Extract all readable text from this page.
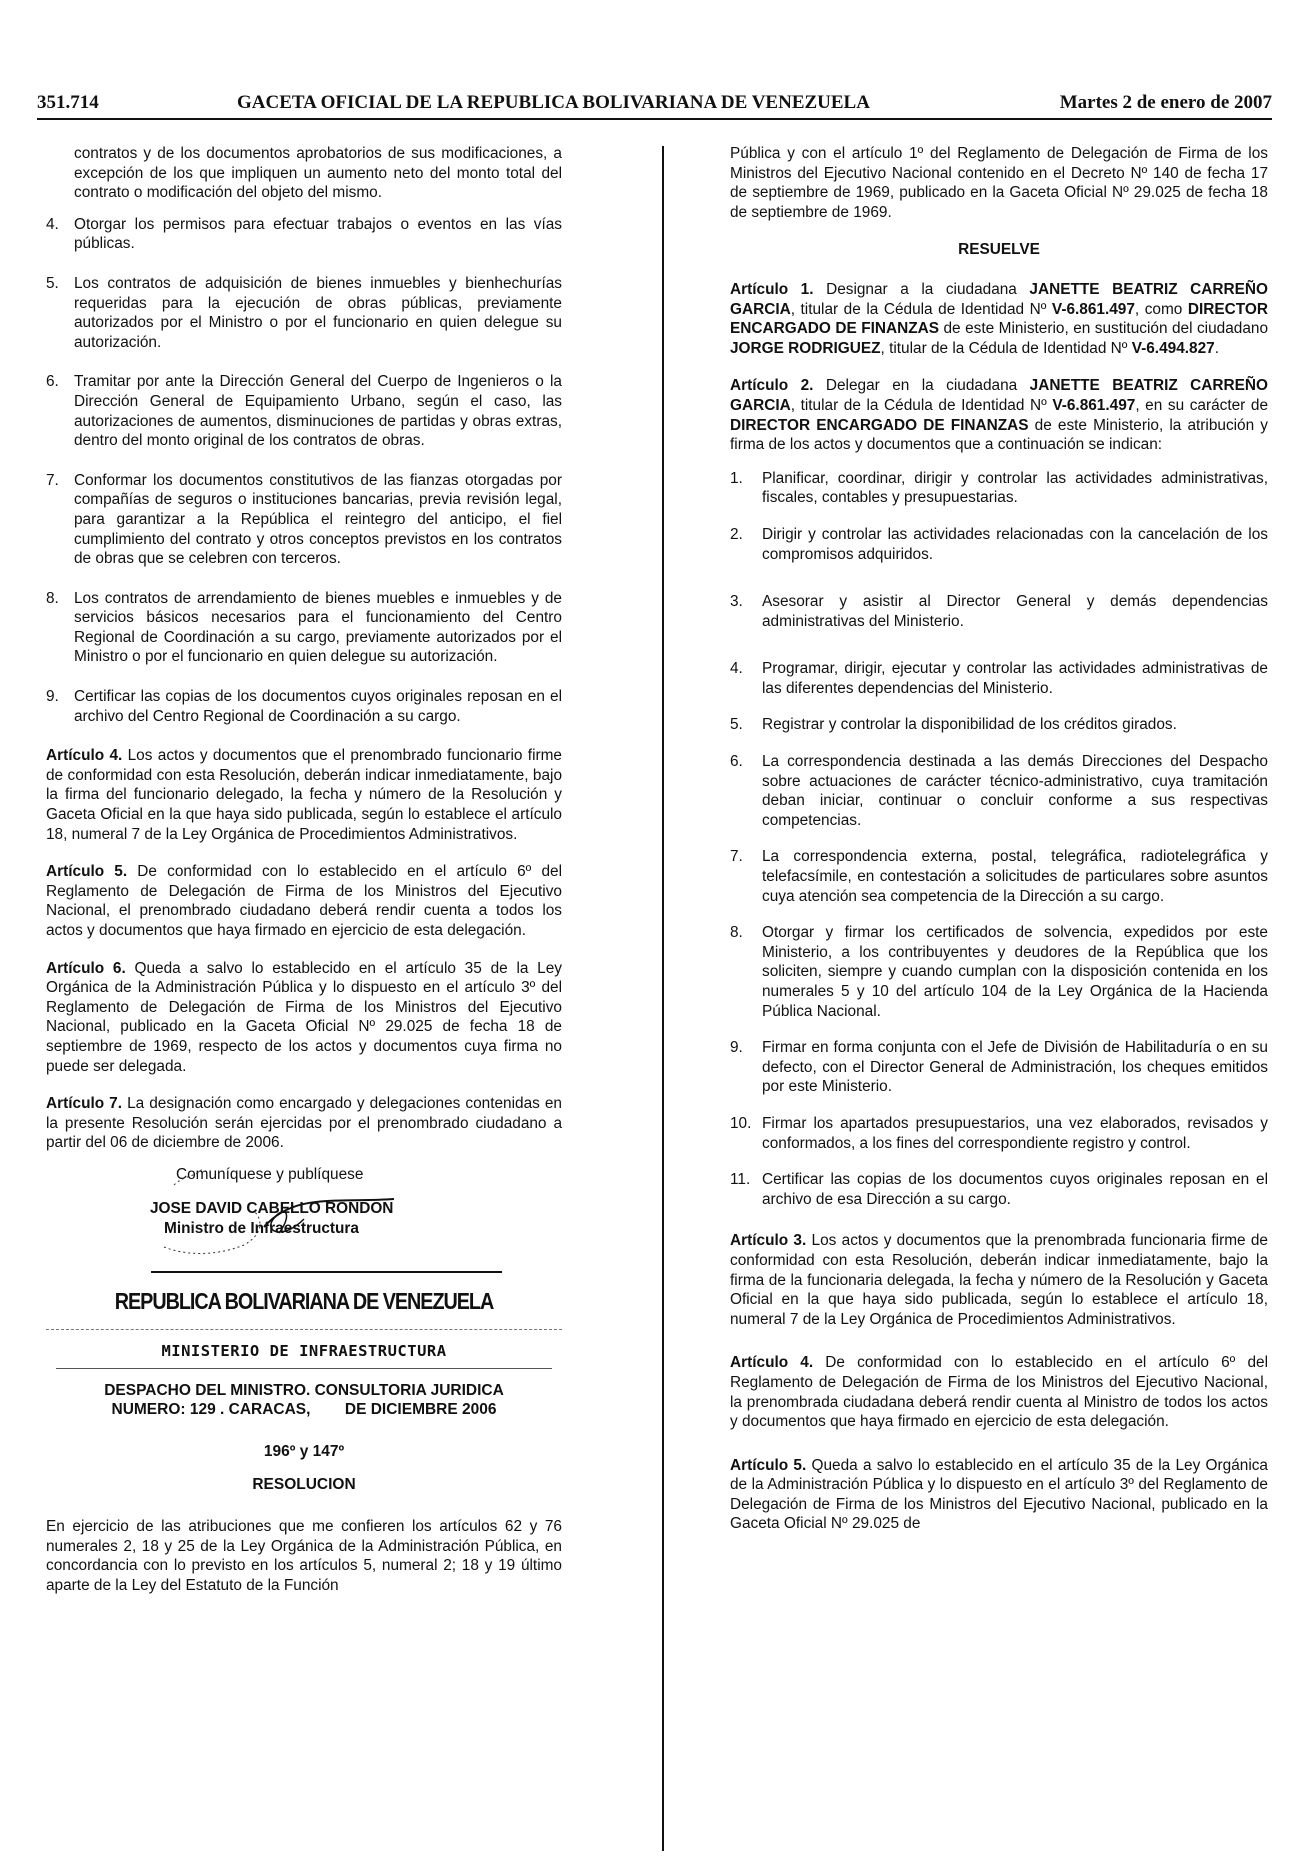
351.714	GACETA OFICIAL DE LA REPUBLICA BOLIVARIANA DE VENEZUELA	Martes 2 de enero de 2007

contratos y de los documentos aprobatorios de sus modificaciones, a excepción de los que impliquen un aumento neto del monto total del contrato o modificación del objeto del mismo.

4. Otorgar los permisos para efectuar trabajos o eventos en las vías públicas.
5. Los contratos de adquisición de bienes inmuebles y bienhechurías requeridas para la ejecución de obras públicas, previamente autorizados por el Ministro o por el funcionario en quien delegue su autorización.
6. Tramitar por ante la Dirección General del Cuerpo de Ingenieros o la Dirección General de Equipamiento Urbano, según el caso, las autorizaciones de aumentos, disminuciones de partidas y obras extras, dentro del monto original de los contratos de obras.
7. Conformar los documentos constitutivos de las fianzas otorgadas por compañías de seguros o instituciones bancarias, previa revisión legal, para garantizar a la República el reintegro del anticipo, el fiel cumplimiento del contrato y otros conceptos previstos en los contratos de obras que se celebren con terceros.
8. Los contratos de arrendamiento de bienes muebles e inmuebles y de servicios básicos necesarios para el funcionamiento del Centro Regional de Coordinación a su cargo, previamente autorizados por el Ministro o por el funcionario en quien delegue su autorización.
9. Certificar las copias de los documentos cuyos originales reposan en el archivo del Centro Regional de Coordinación a su cargo.

Artículo 4. Los actos y documentos que el prenombrado funcionario firme de conformidad con esta Resolución, deberán indicar inmediatamente, bajo la firma del funcionario delegado, la fecha y número de la Resolución y Gaceta Oficial en la que haya sido publicada, según lo establece el artículo 18, numeral 7 de la Ley Orgánica de Procedimientos Administrativos.

Artículo 5. De conformidad con lo establecido en el artículo 6º del Reglamento de Delegación de Firma de los Ministros del Ejecutivo Nacional, el prenombrado ciudadano deberá rendir cuenta a todos los actos y documentos que haya firmado en ejercicio de esta delegación.

Artículo 6. Queda a salvo lo establecido en el artículo 35 de la Ley Orgánica de la Administración Pública y lo dispuesto en el artículo 3º del Reglamento de Delegación de Firma de los Ministros del Ejecutivo Nacional, publicado en la Gaceta Oficial Nº 29.025 de fecha 18 de septiembre de 1969, respecto de los actos y documentos cuya firma no puede ser delegada.

Artículo 7. La designación como encargado y delegaciones contenidas en la presente Resolución serán ejercidas por el prenombrado ciudadano a partir del 06 de diciembre de 2006.

Comuníquese y publíquese
JOSE DAVID CABELLO RONDON
Ministro de Infraestructura
REPUBLICA BOLIVARIANA DE VENEZUELA
MINISTERIO DE INFRAESTRUCTURA
DESPACHO DEL MINISTRO. CONSULTORIA JURIDICA
NUMERO: 129 . CARACAS,        DE DICIEMBRE 2006
196º y 147º
RESOLUCION

En ejercicio de las atribuciones que me confieren los artículos 62 y 76 numerales 2, 18 y 25 de la Ley Orgánica de la Administración Pública, en concordancia con lo previsto en los artículos 5, numeral 2; 18 y 19 último aparte de la Ley del Estatuto de la Función

Pública y con el artículo 1º del Reglamento de Delegación de Firma de los Ministros del Ejecutivo Nacional contenido en el Decreto Nº 140 de fecha 17 de septiembre de 1969, publicado en la Gaceta Oficial Nº 29.025 de fecha 18 de septiembre de 1969.

RESUELVE

Artículo 1. Designar a la ciudadana JANETTE BEATRIZ CARREÑO GARCIA, titular de la Cédula de Identidad Nº V-6.861.497, como DIRECTOR ENCARGADO DE FINANZAS de este Ministerio, en sustitución del ciudadano JORGE RODRIGUEZ, titular de la Cédula de Identidad Nº V-6.494.827.

Artículo 2. Delegar en la ciudadana JANETTE BEATRIZ CARREÑO GARCIA, titular de la Cédula de Identidad Nº V-6.861.497, en su carácter de DIRECTOR ENCARGADO DE FINANZAS de este Ministerio, la atribución y firma de los actos y documentos que a continuación se indican:

1.	Planificar, coordinar, dirigir y controlar las actividades administrativas, fiscales, contables y presupuestarias.
2.	Dirigir y controlar las actividades relacionadas con la cancelación de los compromisos adquiridos.
3.	Asesorar y asistir al Director General y demás dependencias administrativas del Ministerio.
4.	Programar, dirigir, ejecutar y controlar las actividades administrativas de las diferentes dependencias del Ministerio.
5.	Registrar y controlar la disponibilidad de los créditos girados.
6.	La correspondencia destinada a las demás Direcciones del Despacho sobre actuaciones de carácter técnico-administrativo, cuya tramitación deban iniciar, continuar o concluir conforme a sus respectivas competencias.
7.	La correspondencia externa, postal, telegráfica, radiotelegráfica y telefacsímile, en contestación a solicitudes de particulares sobre asuntos cuya atención sea competencia de la Dirección a su cargo.
8.	Otorgar y firmar los certificados de solvencia, expedidos por este Ministerio, a los contribuyentes y deudores de la República que los soliciten, siempre y cuando cumplan con la disposición contenida en los numerales 5 y 10 del artículo 104 de la Ley Orgánica de la Hacienda Pública Nacional.
9.	Firmar en forma conjunta con el Jefe de División de Habilitaduría o en su defecto, con el Director General de Administración, los cheques emitidos por este Ministerio.
10. Firmar los apartados presupuestarios, una vez elaborados, revisados y conformados, a los fines del correspondiente registro y control.
11. Certificar las copias de los documentos cuyos originales reposan en el archivo de esa Dirección a su cargo.

Artículo 3. Los actos y documentos que la prenombrada funcionaria firme de conformidad con esta Resolución, deberán indicar inmediatamente, bajo la firma de la funcionaria delegada, la fecha y número de la Resolución y Gaceta Oficial en la que haya sido publicada, según lo establece el artículo 18, numeral 7 de la Ley Orgánica de Procedimientos Administrativos.

Artículo 4. De conformidad con lo establecido en el artículo 6º del Reglamento de Delegación de Firma de los Ministros del Ejecutivo Nacional, la prenombrada ciudadana deberá rendir cuenta al Ministro de todos los actos y documentos que haya firmado en ejercicio de esta delegación.

Artículo 5. Queda a salvo lo establecido en el artículo 35 de la Ley Orgánica de la Administración Pública y lo dispuesto en el artículo 3º del Reglamento de Delegación de Firma de los Ministros del Ejecutivo Nacional, publicado en la Gaceta Oficial Nº 29.025 de
